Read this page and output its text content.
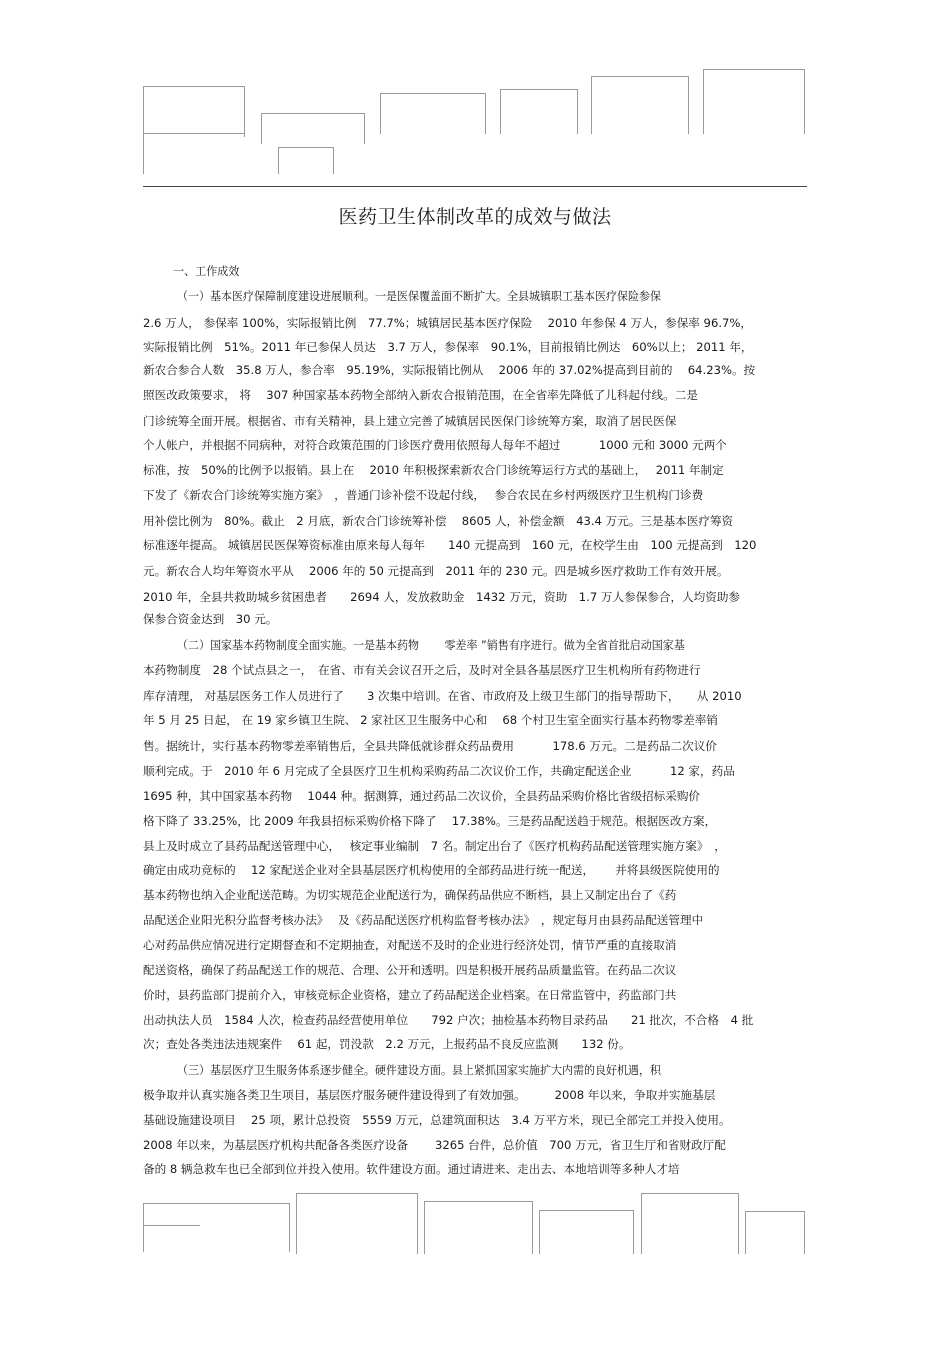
医药卫生体制改革的成效与做法
一、工作成效
（一）基本医疗保障制度建设进展顺利。一是医保覆盖面不断扩大。全县城镇职工基本医疗保险参保
2.6 万人， 参保率 100%，实际报销比例　77.7%；城镇居民基本医疗保险　 2010 年参保 4 万人，参保率 96.7%，
实际报销比例　51%。2011 年已参保人员达　3.7 万人，参保率　90.1%，目前报销比例达　60%以上； 2011 年，
新农合参合人数　35.8 万人，参合率　95.19%，实际报销比例从　 2006 年的 37.02%提高到目前的　 64.23%。按
照医改政策要求， 将　 307 种国家基本药物全部纳入新农合报销范围，在全省率先降低了儿科起付线。二是
门诊统筹全面开展。根据省、市有关精神，县上建立完善了城镇居民医保门诊统筹方案，取消了居民医保
个人帐户，并根据不同病种，对符合政策范围的门诊医疗费用依照每人每年不超过　　　 1000 元和 3000 元两个
标准，按　50%的比例予以报销。县上在　 2010 年积极探索新农合门诊统筹运行方式的基础上，　 2011 年制定
下发了《新农合门诊统筹实施方案》　，普通门诊补偿不设起付线，　 参合农民在乡村两级医疗卫生机构门诊费
用补偿比例为　80%。截止　2 月底，新农合门诊统筹补偿　 8605 人，补偿金额　43.4 万元。三是基本医疗筹资
标准逐年提高。 城镇居民医保筹资标准由原来每人每年　　140 元提高到　160 元，在校学生由　100 元提高到　120
元。新农合人均年筹资水平从　 2006 年的 50 元提高到　2011 年的 230 元。四是城乡医疗救助工作有效开展。
2010 年，全县共救助城乡贫困患者　　2694 人，发放救助金　1432 万元，资助　1.7 万人参保参合，人均资助参
保参合资金达到　30 元。
（二）国家基本药物制度全面实施。一是基本药物　　 零差率 ”销售有序进行。做为全省首批启动国家基
本药物制度　28 个试点县之一，　在省、市有关会议召开之后，及时对全县各基层医疗卫生机构所有药物进行
库存清理， 对基层医务工作人员进行了　　3 次集中培训。在省、市政府及上级卫生部门的指导帮助下，　　从 2010
年 5 月 25 日起， 在 19 家乡镇卫生院、 2 家社区卫生服务中心和　 68 个村卫生室全面实行基本药物零差率销
售。据统计，实行基本药物零差率销售后，全县共降低就诊群众药品费用　　　 178.6 万元。二是药品二次议价
顺利完成。于　2010 年 6 月完成了全县医疗卫生机构采购药品二次议价工作，共确定配送企业　　　 12 家，药品
1695 种，其中国家基本药物　 1044 种。据测算，通过药品二次议价，全县药品采购价格比省级招标采购价
格下降了 33.25%，比 2009 年我县招标采购价格下降了　 17.38%。三是药品配送趋于规范。根据医改方案，
县上及时成立了县药品配送管理中心，　 核定事业编制　7 名。制定出台了《医疗机构药品配送管理实施方案》　，
确定由成功竞标的　 12 家配送企业对全县基层医疗机构使用的全部药品进行统一配送，　　 并将县级医院使用的
基本药物也纳入企业配送范畴。为切实规范企业配送行为，确保药品供应不断档，县上又制定出台了《药
品配送企业阳光积分监督考核办法》　 及《药品配送医疗机构监督考核办法》　，规定每月由县药品配送管理中
心对药品供应情况进行定期督查和不定期抽查，对配送不及时的企业进行经济处罚，情节严重的直接取消
配送资格，确保了药品配送工作的规范、合理、公开和透明。四是积极开展药品质量监管。在药品二次议
价时，县药监部门提前介入，审核竞标企业资格，建立了药品配送企业档案。在日常监管中，药监部门共
出动执法人员　1584 人次，检查药品经营使用单位　　792 户次；抽检基本药物目录药品　　21 批次，不合格　4 批
次；查处各类违法违规案件　 61 起，罚没款　2.2 万元，上报药品不良反应监测　　132 份。
（三）基层医疗卫生服务体系逐步健全。硬件建设方面。县上紧抓国家实施扩大内需的良好机遇，积
极争取并认真实施各类卫生项目，基层医疗服务硬件建设得到了有效加强。　　　2008 年以来，争取并实施基层
基础设施建设项目　 25 项，累计总投资　5559 万元，总建筑面积达　3.4 万平方米，现已全部完工并投入使用。
2008 年以来，为基层医疗机构共配备各类医疗设备　　 3265 台件，总价值　700 万元，省卫生厅和省财政厅配
备的 8 辆急救车也已全部到位并投入使用。软件建设方面。通过请进来、走出去、本地培训等多种人才培
